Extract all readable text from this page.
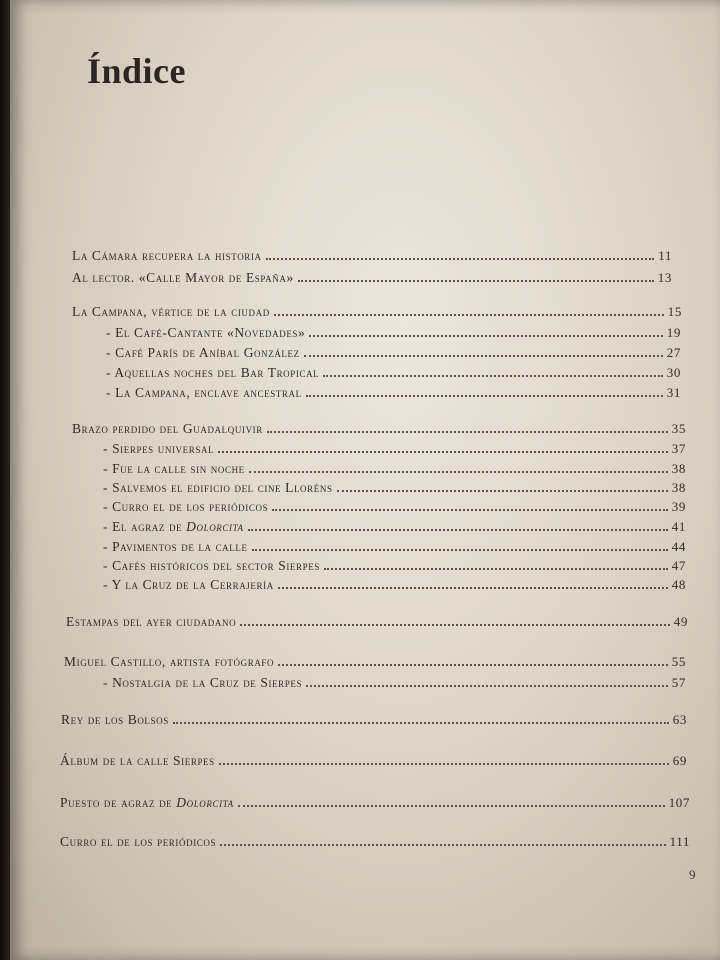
Índice
La Cámara recupera la historia	11
Al lector. «Calle Mayor de España»	13
La Campana, vértice de la ciudad	15
- El Café-Cantante «Novedades»	19
- Café París de Aníbal González	27
- Aquellas noches del Bar Tropical	30
- La Campana, enclave ancestral	31
Brazo perdido del Guadalquivir	35
- Sierpes universal	37
- Fue la calle sin noche	38
- Salvemos el edificio del cine Lloréns	38
- Curro el de los periódicos	39
- El agraz de Dolorcita	41
- Pavimentos de la calle	44
- Cafés históricos del sector Sierpes	47
- Y la Cruz de la Cerrajería	48
Estampas del ayer ciudadano	49
Miguel Castillo, artista fotógrafo	55
- Nostalgia de la Cruz de Sierpes	57
Rey de los Bolsos	63
Álbum de la calle Sierpes	69
Puesto de agraz de Dolorcita	107
Curro el de los periódicos	111
9
